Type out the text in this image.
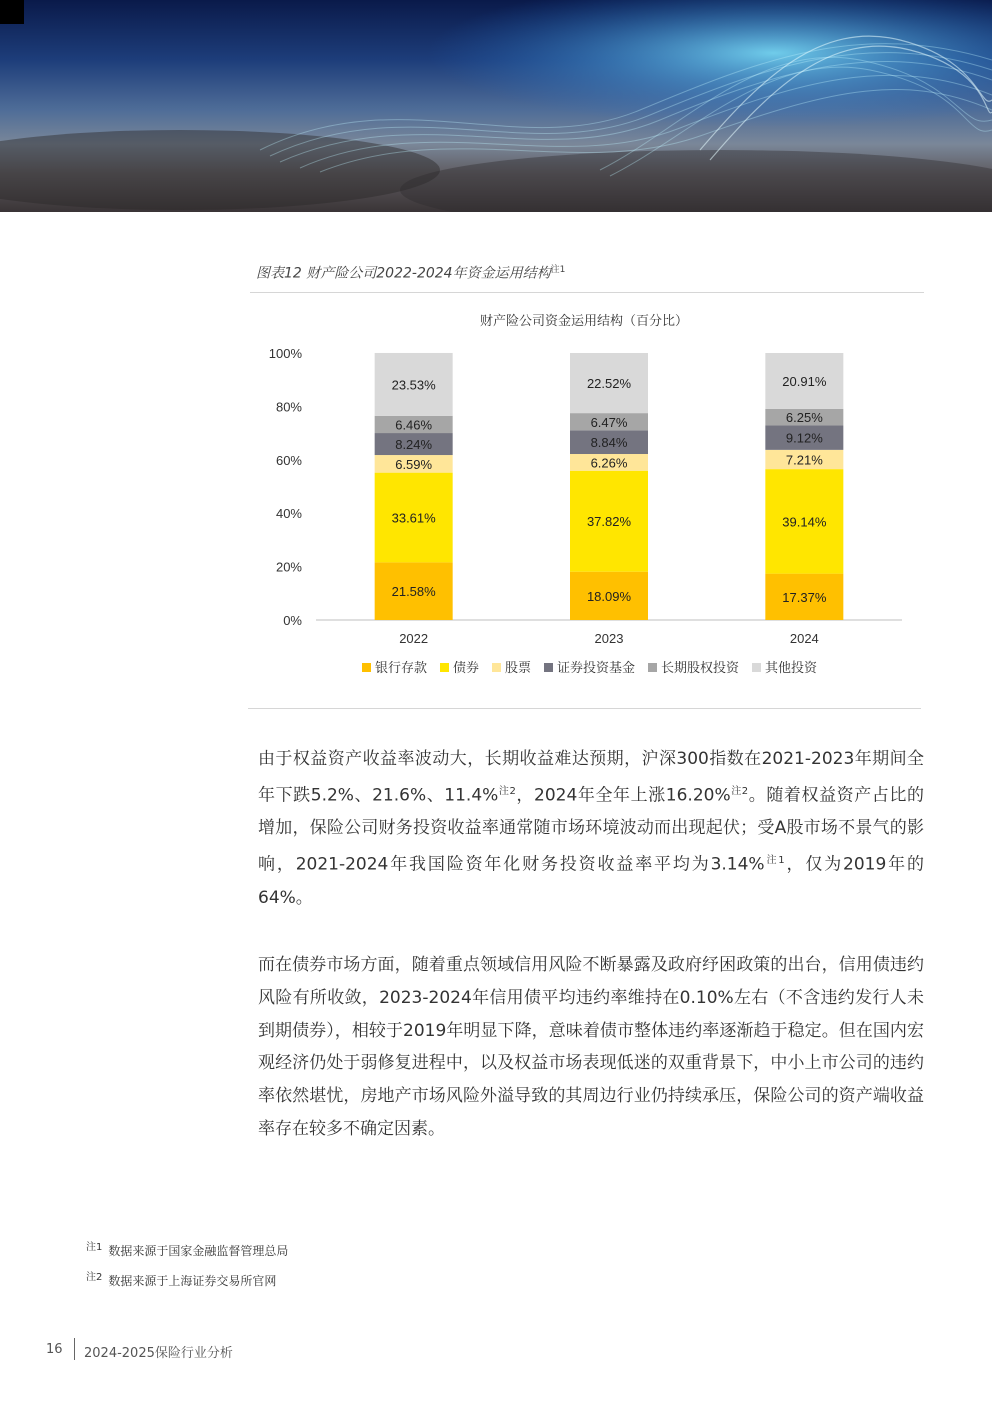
图表12 财产险公司2022-2024年资金运用结构$^{注1}$
财产险公司资金运用结构（百分比）
0%
20%
40%
60%
80%
100%
21.58%
33.61%
6.59%
8.24%
6.46%
23.53%
18.09%
37.82%
6.26%
8.84%
6.47%
22.52%
17.37%
39.14%
7.21%
9.12%
6.25%
20.91%
2022	2023	2024
银行存款 债券 股票 证券投资基金 长期股权投资 其他投资
由于权益资产收益率波动大，长期收益难达预期，沪深300指数在2021-2023年期间全年下跌5.2%、21.6%、11.4%$^{注2}$，2024年全年上涨16.20%$^{注2}$。随着权益资产占比的增加，保险公司财务投资收益率通常随市场环境波动而出现起伏；受A股市场不景气的影响，2021-2024年我国险资年化财务投资收益率平均为3.14%$^{注1}$，仅为2019年的64%。
而在债券市场方面，随着重点领域信用风险不断暴露及政府纾困政策的出台，信用债违约风险有所收敛，2023-2024年信用债平均违约率维持在0.10%左右（不含违约发行人未到期债券），相较于2019年明显下降，意味着债市整体违约率逐渐趋于稳定。但在国内宏观经济仍处于弱修复进程中，以及权益市场表现低迷的双重背景下，中小上市公司的违约率依然堪忧，房地产市场风险外溢导致的其周边行业仍持续承压，保险公司的资产端收益率存在较多不确定因素。
$^{注1}$ 数据来源于国家金融监督管理总局
$^{注2}$ 数据来源于上海证券交易所官网
16 2024-2025保险行业分析
